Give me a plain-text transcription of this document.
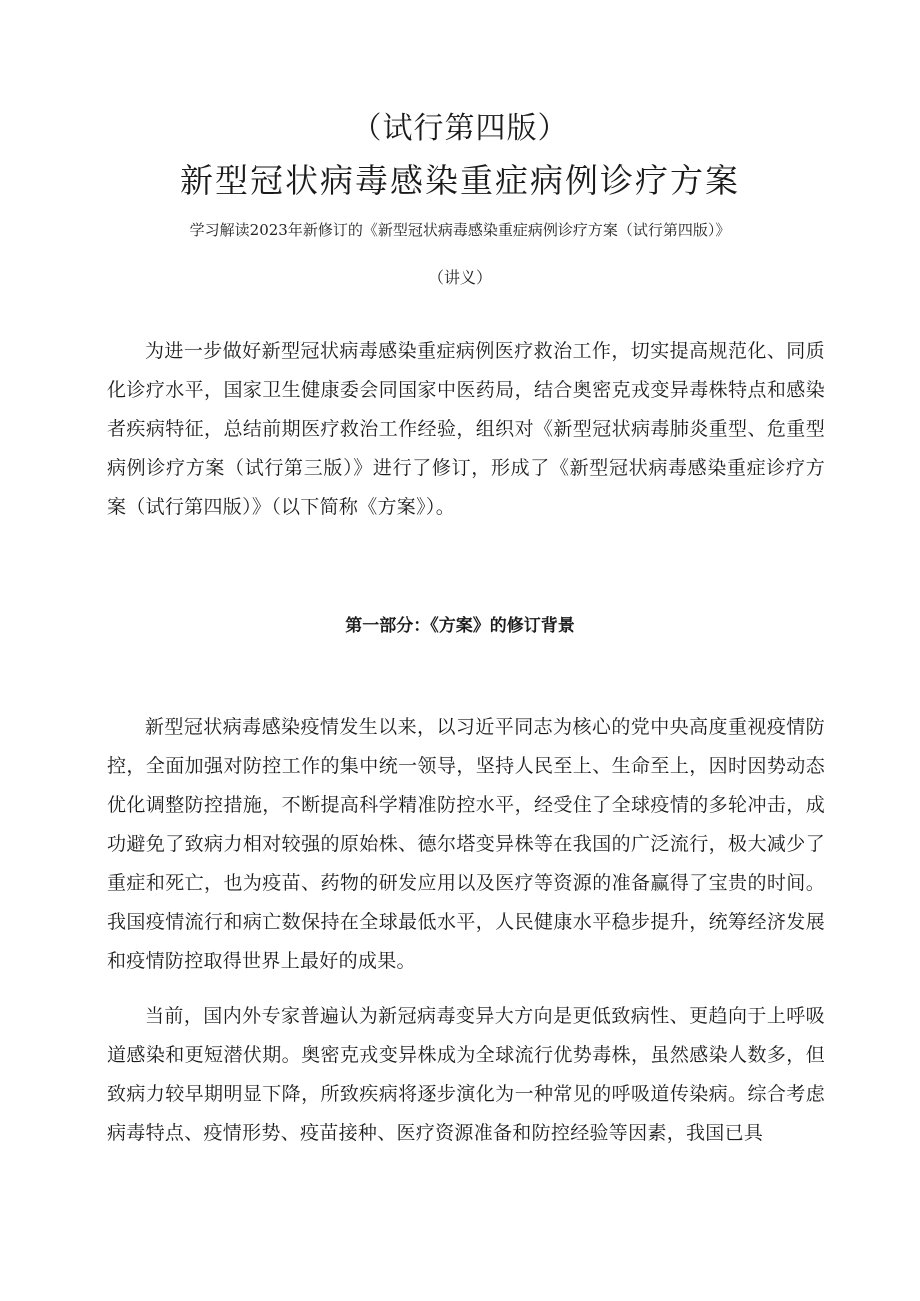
（试行第四版）
新型冠状病毒感染重症病例诊疗方案
学习解读2023年新修订的《新型冠状病毒感染重症病例诊疗方案（试行第四版）》
（讲义）

为进一步做好新型冠状病毒感染重症病例医疗救治工作，切实提高规范化、同质化诊疗水平，国家卫生健康委会同国家中医药局，结合奥密克戎变异毒株特点和感染者疾病特征，总结前期医疗救治工作经验，组织对《新型冠状病毒肺炎重型、危重型病例诊疗方案（试行第三版）》进行了修订，形成了《新型冠状病毒感染重症诊疗方案（试行第四版）》（以下简称《方案》）。

第一部分：《方案》的修订背景

新型冠状病毒感染疫情发生以来，以习近平同志为核心的党中央高度重视疫情防控，全面加强对防控工作的集中统一领导，坚持人民至上、生命至上，因时因势动态优化调整防控措施，不断提高科学精准防控水平，经受住了全球疫情的多轮冲击，成功避免了致病力相对较强的原始株、德尔塔变异株等在我国的广泛流行，极大减少了重症和死亡，也为疫苗、药物的研发应用以及医疗等资源的准备赢得了宝贵的时间。我国疫情流行和病亡数保持在全球最低水平，人民健康水平稳步提升，统筹经济发展和疫情防控取得世界上最好的成果。

当前，国内外专家普遍认为新冠病毒变异大方向是更低致病性、更趋向于上呼吸道感染和更短潜伏期。奥密克戎变异株成为全球流行优势毒株，虽然感染人数多，但致病力较早期明显下降，所致疾病将逐步演化为一种常见的呼吸道传染病。综合考虑病毒特点、疫情形势、疫苗接种、医疗资源准备和防控经验等因素，我国已具
